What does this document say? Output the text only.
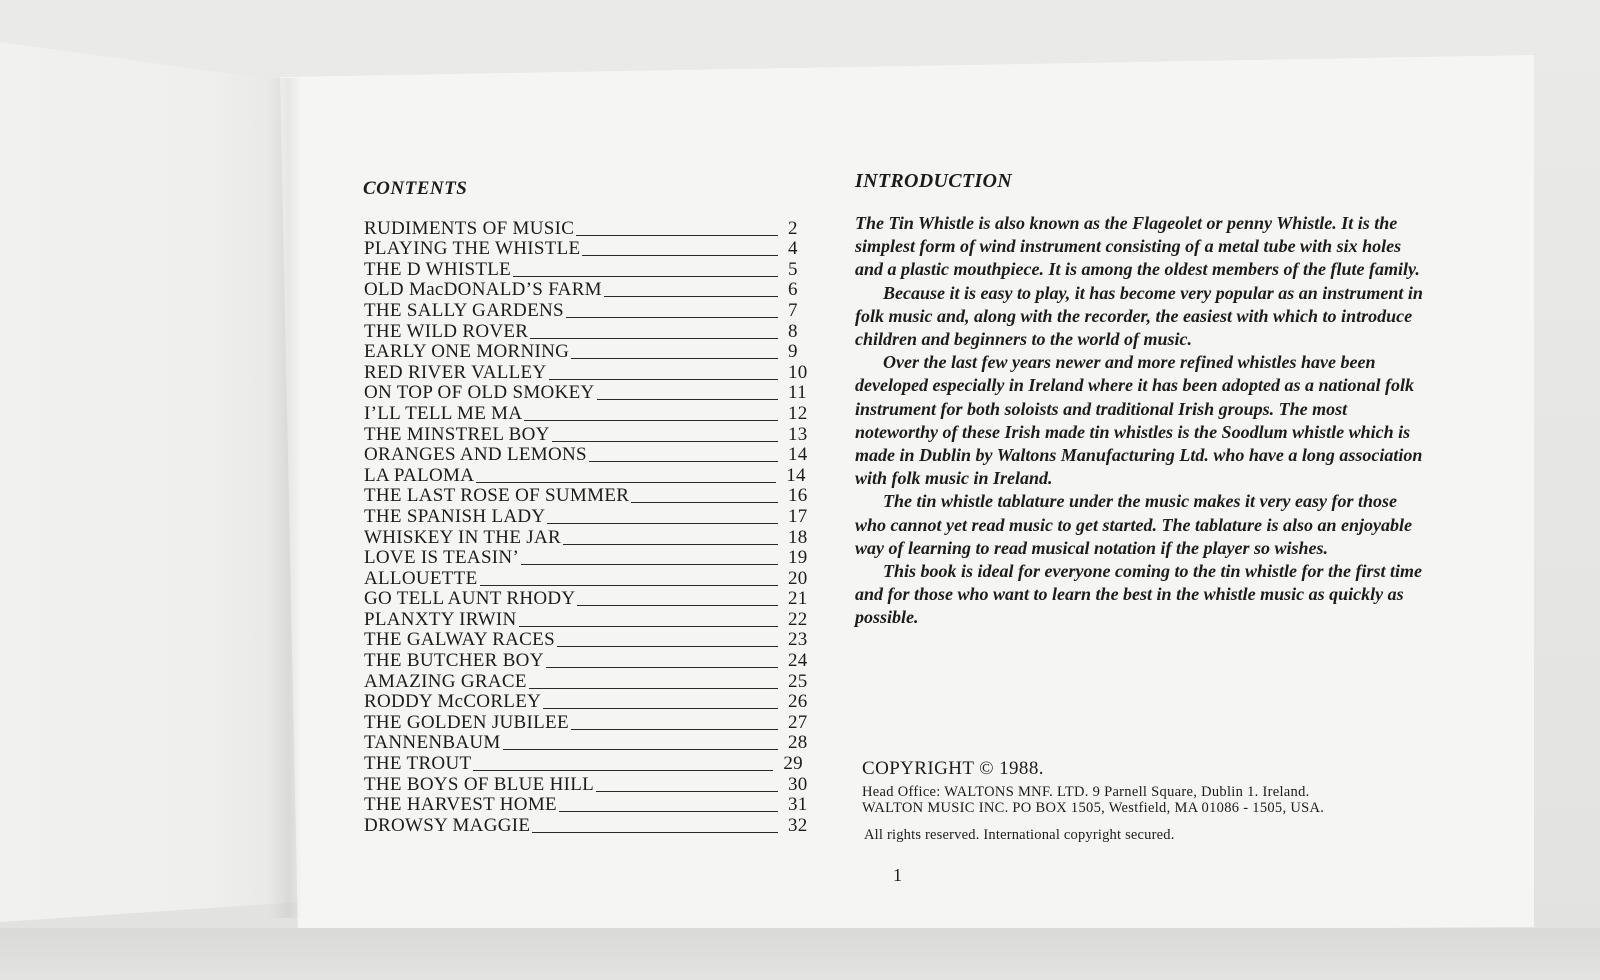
CONTENTS
RUDIMENTS OF MUSIC	2
PLAYING THE WHISTLE	4
THE D WHISTLE	5
OLD MacDONALD’S FARM	6
THE SALLY GARDENS	7
THE WILD ROVER	8
EARLY ONE MORNING	9
RED RIVER VALLEY	10
ON TOP OF OLD SMOKEY	11
I’LL TELL ME MA	12
THE MINSTREL BOY	13
ORANGES AND LEMONS	14
LA PALOMA	14
THE LAST ROSE OF SUMMER	16
THE SPANISH LADY	17
WHISKEY IN THE JAR	18
LOVE IS TEASIN’	19
ALLOUETTE	20
GO TELL AUNT RHODY	21
PLANXTY IRWIN	22
THE GALWAY RACES	23
THE BUTCHER BOY	24
AMAZING GRACE	25
RODDY McCORLEY	26
THE GOLDEN JUBILEE	27
TANNENBAUM	28
THE TROUT	29
THE BOYS OF BLUE HILL	30
THE HARVEST HOME	31
DROWSY MAGGIE	32
INTRODUCTION

The Tin Whistle is also known as the Flageolet or penny Whistle. It is the simplest form of wind instrument consisting of a metal tube with six holes and a plastic mouthpiece. It is among the oldest members of the flute family.

Because it is easy to play, it has become very popular as an instrument in folk music and, along with the recorder, the easiest with which to introduce children and beginners to the world of music.

Over the last few years newer and more refined whistles have been developed especially in Ireland where it has been adopted as a national folk instrument for both soloists and traditional Irish groups. The most noteworthy of these Irish made tin whistles is the Soodlum whistle which is made in Dublin by Waltons Manufacturing Ltd. who have a long association with folk music in Ireland.

The tin whistle tablature under the music makes it very easy for those who cannot yet read music to get started. The tablature is also an enjoyable way of learning to read musical notation if the player so wishes.

This book is ideal for everyone coming to the tin whistle for the first time and for those who want to learn the best in the whistle music as quickly as possible.

COPYRIGHT © 1988.
Head Office: WALTONS MNF. LTD. 9 Parnell Square, Dublin 1. Ireland.
WALTON MUSIC INC. PO BOX 1505, Westfield, MA 01086 - 1505, USA.
All rights reserved. International copyright secured.
1
